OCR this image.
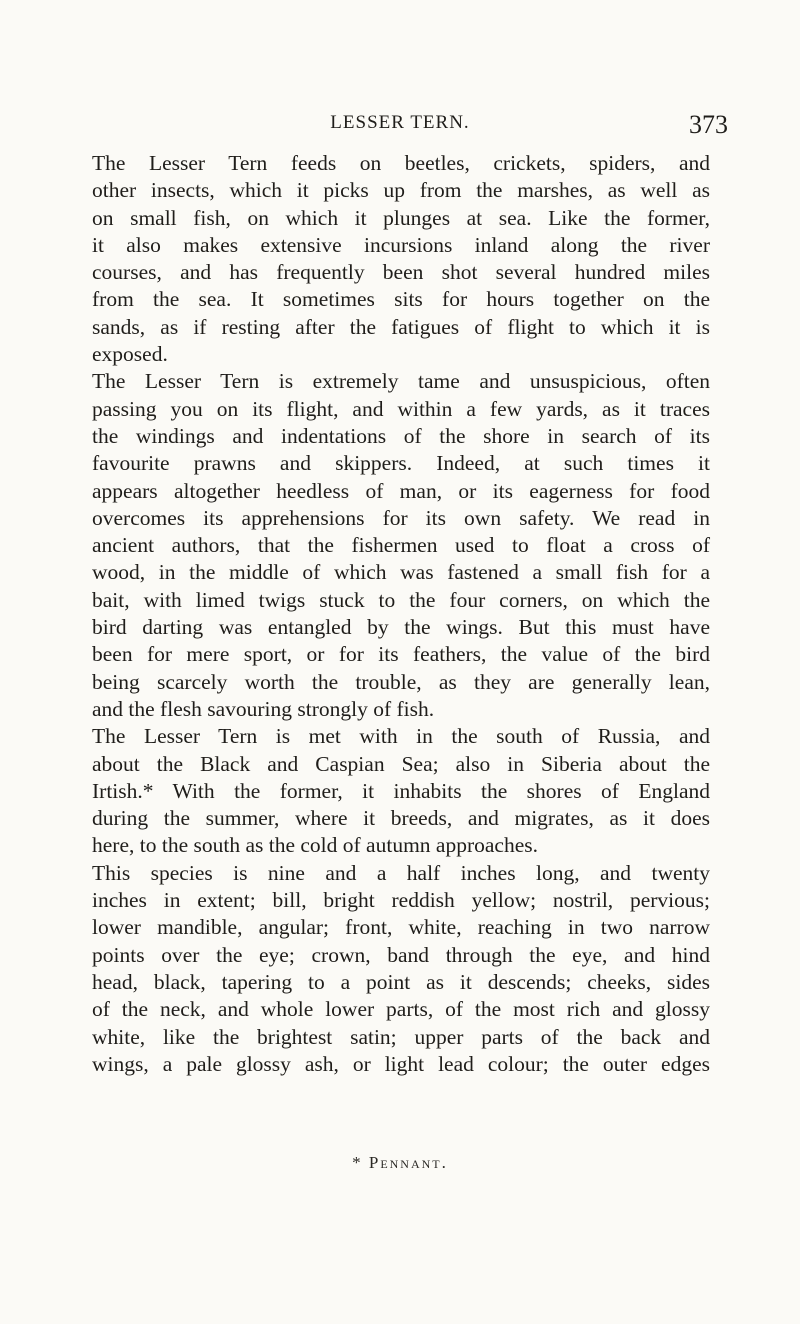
LESSER TERN.	373
The Lesser Tern feeds on beetles, crickets, spiders, and
other insects, which it picks up from the marshes, as well as
on small fish, on which it plunges at sea. Like the former,
it also makes extensive incursions inland along the river
courses, and has frequently been shot several hundred miles
from the sea. It sometimes sits for hours together on the
sands, as if resting after the fatigues of flight to which it is
exposed.
The Lesser Tern is extremely tame and unsuspicious, often
passing you on its flight, and within a few yards, as it traces
the windings and indentations of the shore in search of its
favourite prawns and skippers. Indeed, at such times it
appears altogether heedless of man, or its eagerness for food
overcomes its apprehensions for its own safety. We read in
ancient authors, that the fishermen used to float a cross of
wood, in the middle of which was fastened a small fish for a
bait, with limed twigs stuck to the four corners, on which the
bird darting was entangled by the wings. But this must have
been for mere sport, or for its feathers, the value of the bird
being scarcely worth the trouble, as they are generally lean,
and the flesh savouring strongly of fish.
The Lesser Tern is met with in the south of Russia, and
about the Black and Caspian Sea; also in Siberia about the
Irtish.* With the former, it inhabits the shores of England
during the summer, where it breeds, and migrates, as it does
here, to the south as the cold of autumn approaches.
This species is nine and a half inches long, and twenty
inches in extent; bill, bright reddish yellow; nostril, pervious;
lower mandible, angular; front, white, reaching in two narrow
points over the eye; crown, band through the eye, and hind
head, black, tapering to a point as it descends; cheeks, sides
of the neck, and whole lower parts, of the most rich and glossy
white, like the brightest satin; upper parts of the back and
wings, a pale glossy ash, or light lead colour; the outer edges
* Pennant.
